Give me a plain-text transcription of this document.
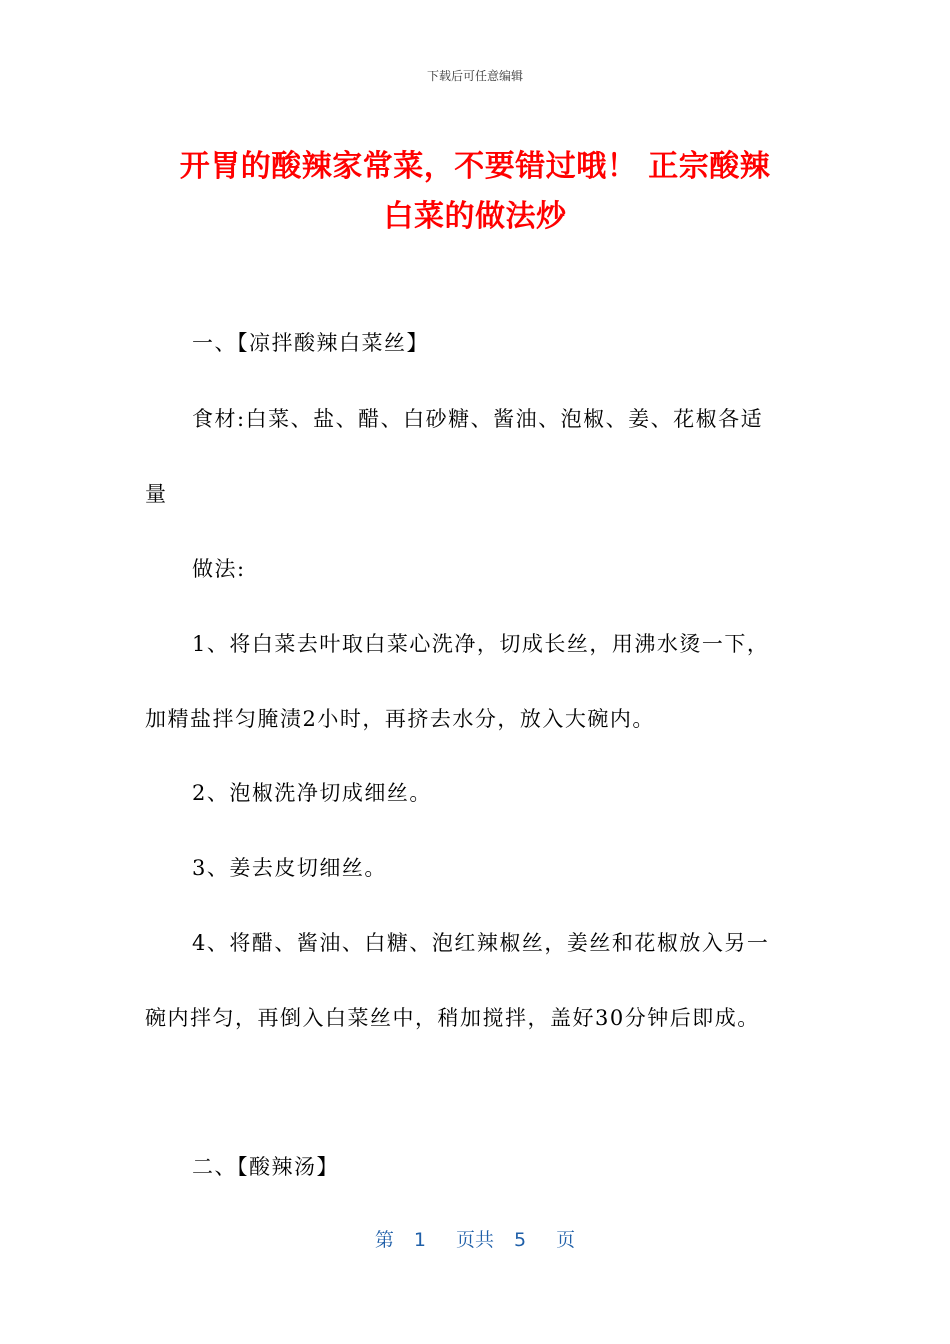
下载后可任意编辑
开胃的酸辣家常菜，不要错过哦！ 正宗酸辣
白菜的做法炒
一、【凉拌酸辣白菜丝】
食材:白菜、盐、醋、白砂糖、酱油、泡椒、姜、花椒各适
量
做法:
1、将白菜去叶取白菜心洗净，切成长丝，用沸水烫一下，
加精盐拌匀腌渍2小时，再挤去水分，放入大碗内。
2、泡椒洗净切成细丝。
3、姜去皮切细丝。
4、将醋、酱油、白糖、泡红辣椒丝，姜丝和花椒放入另一
碗内拌匀，再倒入白菜丝中，稍加搅拌，盖好30分钟后即成。
二、【酸辣汤】
第 1 页共 5 页
